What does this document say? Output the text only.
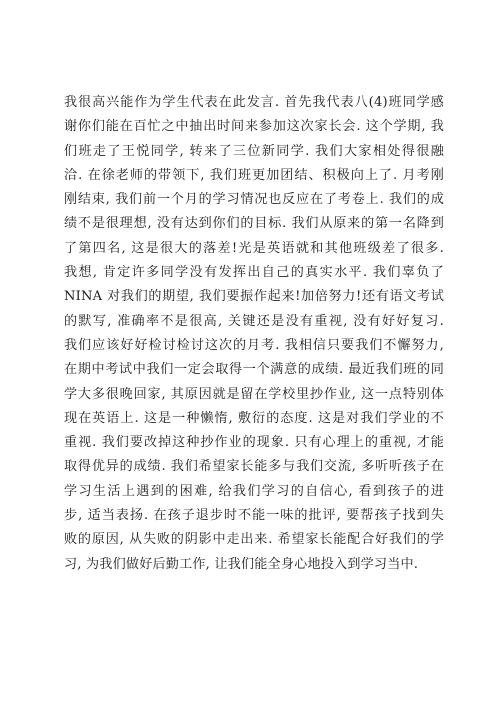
我很高兴能作为学生代表在此发言. 首先我代表八(4)班同学感
谢你们能在百忙之中抽出时间来参加这次家长会. 这个学期, 我
们班走了王悦同学, 转来了三位新同学. 我们大家相处得很融
洽. 在徐老师的带领下, 我们班更加团结、积极向上了. 月考刚
刚结束, 我们前一个月的学习情况也反应在了考卷上. 我们的成
绩不是很理想, 没有达到你们的目标. 我们从原来的第一名降到
了第四名, 这是很大的落差!光是英语就和其他班级差了很多.
我想, 肯定许多同学没有发挥出自己的真实水平. 我们辜负了
NINA 对我们的期望, 我们要振作起来!加倍努力!还有语文考试
的默写, 准确率不是很高, 关键还是没有重视, 没有好好复习.
我们应该好好检讨检讨这次的月考. 我相信只要我们不懈努力,
在期中考试中我们一定会取得一个满意的成绩. 最近我们班的同
学大多很晚回家, 其原因就是留在学校里抄作业, 这一点特别体
现在英语上. 这是一种懒惰, 敷衍的态度. 这是对我们学业的不
重视. 我们要改掉这种抄作业的现象. 只有心理上的重视, 才能
取得优异的成绩. 我们希望家长能多与我们交流, 多听听孩子在
学习生活上遇到的困难, 给我们学习的自信心, 看到孩子的进
步, 适当表扬. 在孩子退步时不能一味的批评, 要帮孩子找到失
败的原因, 从失败的阴影中走出来. 希望家长能配合好我们的学
习, 为我们做好后勤工作, 让我们能全身心地投入到学习当中.
